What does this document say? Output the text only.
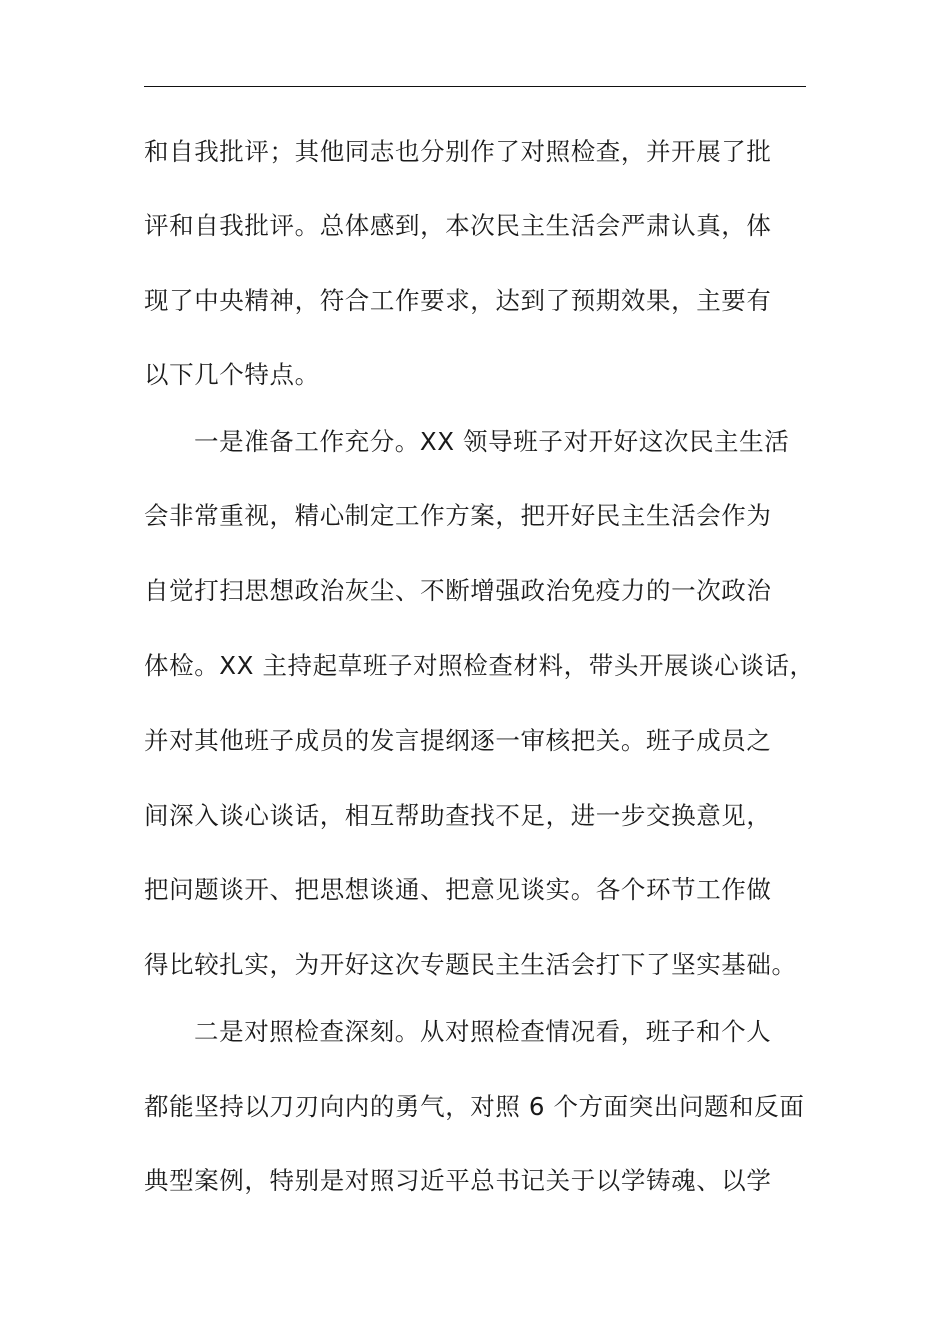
和自我批评；其他同志也分别作了对照检查，并开展了批
评和自我批评。总体感到，本次民主生活会严肃认真，体
现了中央精神，符合工作要求，达到了预期效果，主要有
以下几个特点。
一是准备工作充分。XX 领导班子对开好这次民主生活
会非常重视，精心制定工作方案，把开好民主生活会作为
自觉打扫思想政治灰尘、不断增强政治免疫力的一次政治
体检。XX 主持起草班子对照检查材料，带头开展谈心谈话，
并对其他班子成员的发言提纲逐一审核把关。班子成员之
间深入谈心谈话，相互帮助查找不足，进一步交换意见，
把问题谈开、把思想谈通、把意见谈实。各个环节工作做
得比较扎实，为开好这次专题民主生活会打下了坚实基础。
二是对照检查深刻。从对照检查情况看，班子和个人
都能坚持以刀刃向内的勇气，对照 6 个方面突出问题和反面
典型案例，特别是对照习近平总书记关于以学铸魂、以学
